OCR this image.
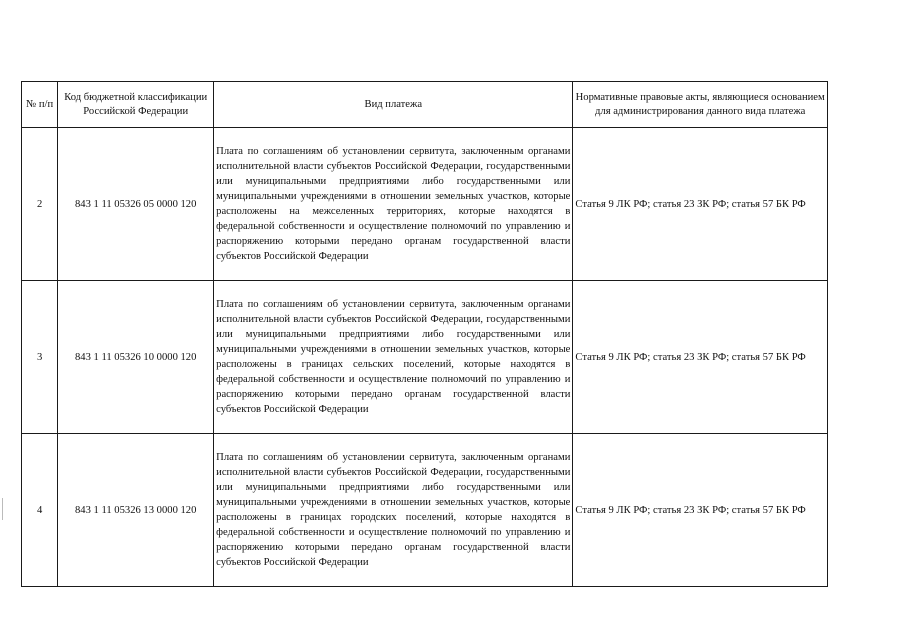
№ п/п	Код бюджетной классификации Российской Федерации	Вид платежа	Нормативные правовые акты, являющиеся основанием для администрирования данного вида платежа
2	843 1 11 05326 05 0000 120	Плата по соглашениям об установлении сервитута, заключенным органами исполнительной власти субъектов Российской Федерации, государственными или муниципальными предприятиями либо государственными или муниципальными учреждениями в отношении земельных участков, которые расположены на межселенных территориях, которые находятся в федеральной собственности и осуществление полномочий по управлению и распоряжению которыми передано органам государственной власти субъектов Российской Федерации	Статья 9 ЛК РФ; статья 23 ЗК РФ; статья 57 БК РФ
3	843 1 11 05326 10 0000 120	Плата по соглашениям об установлении сервитута, заключенным органами исполнительной власти субъектов Российской Федерации, государственными или муниципальными предприятиями либо государственными или муниципальными учреждениями в отношении земельных участков, которые расположены в границах сельских поселений, которые находятся в федеральной собственности и осуществление полномочий по управлению и распоряжению которыми передано органам государственной власти субъектов Российской Федерации	Статья 9 ЛК РФ; статья 23 ЗК РФ; статья 57 БК РФ
4	843 1 11 05326 13 0000 120	Плата по соглашениям об установлении сервитута, заключенным органами исполнительной власти субъектов Российской Федерации, государственными или муниципальными предприятиями либо государственными или муниципальными учреждениями в отношении земельных участков, которые расположены в границах городских поселений, которые находятся в федеральной собственности и осуществление полномочий по управлению и распоряжению которыми передано органам государственной власти субъектов Российской Федерации	Статья 9 ЛК РФ; статья 23 ЗК РФ; статья 57 БК РФ
